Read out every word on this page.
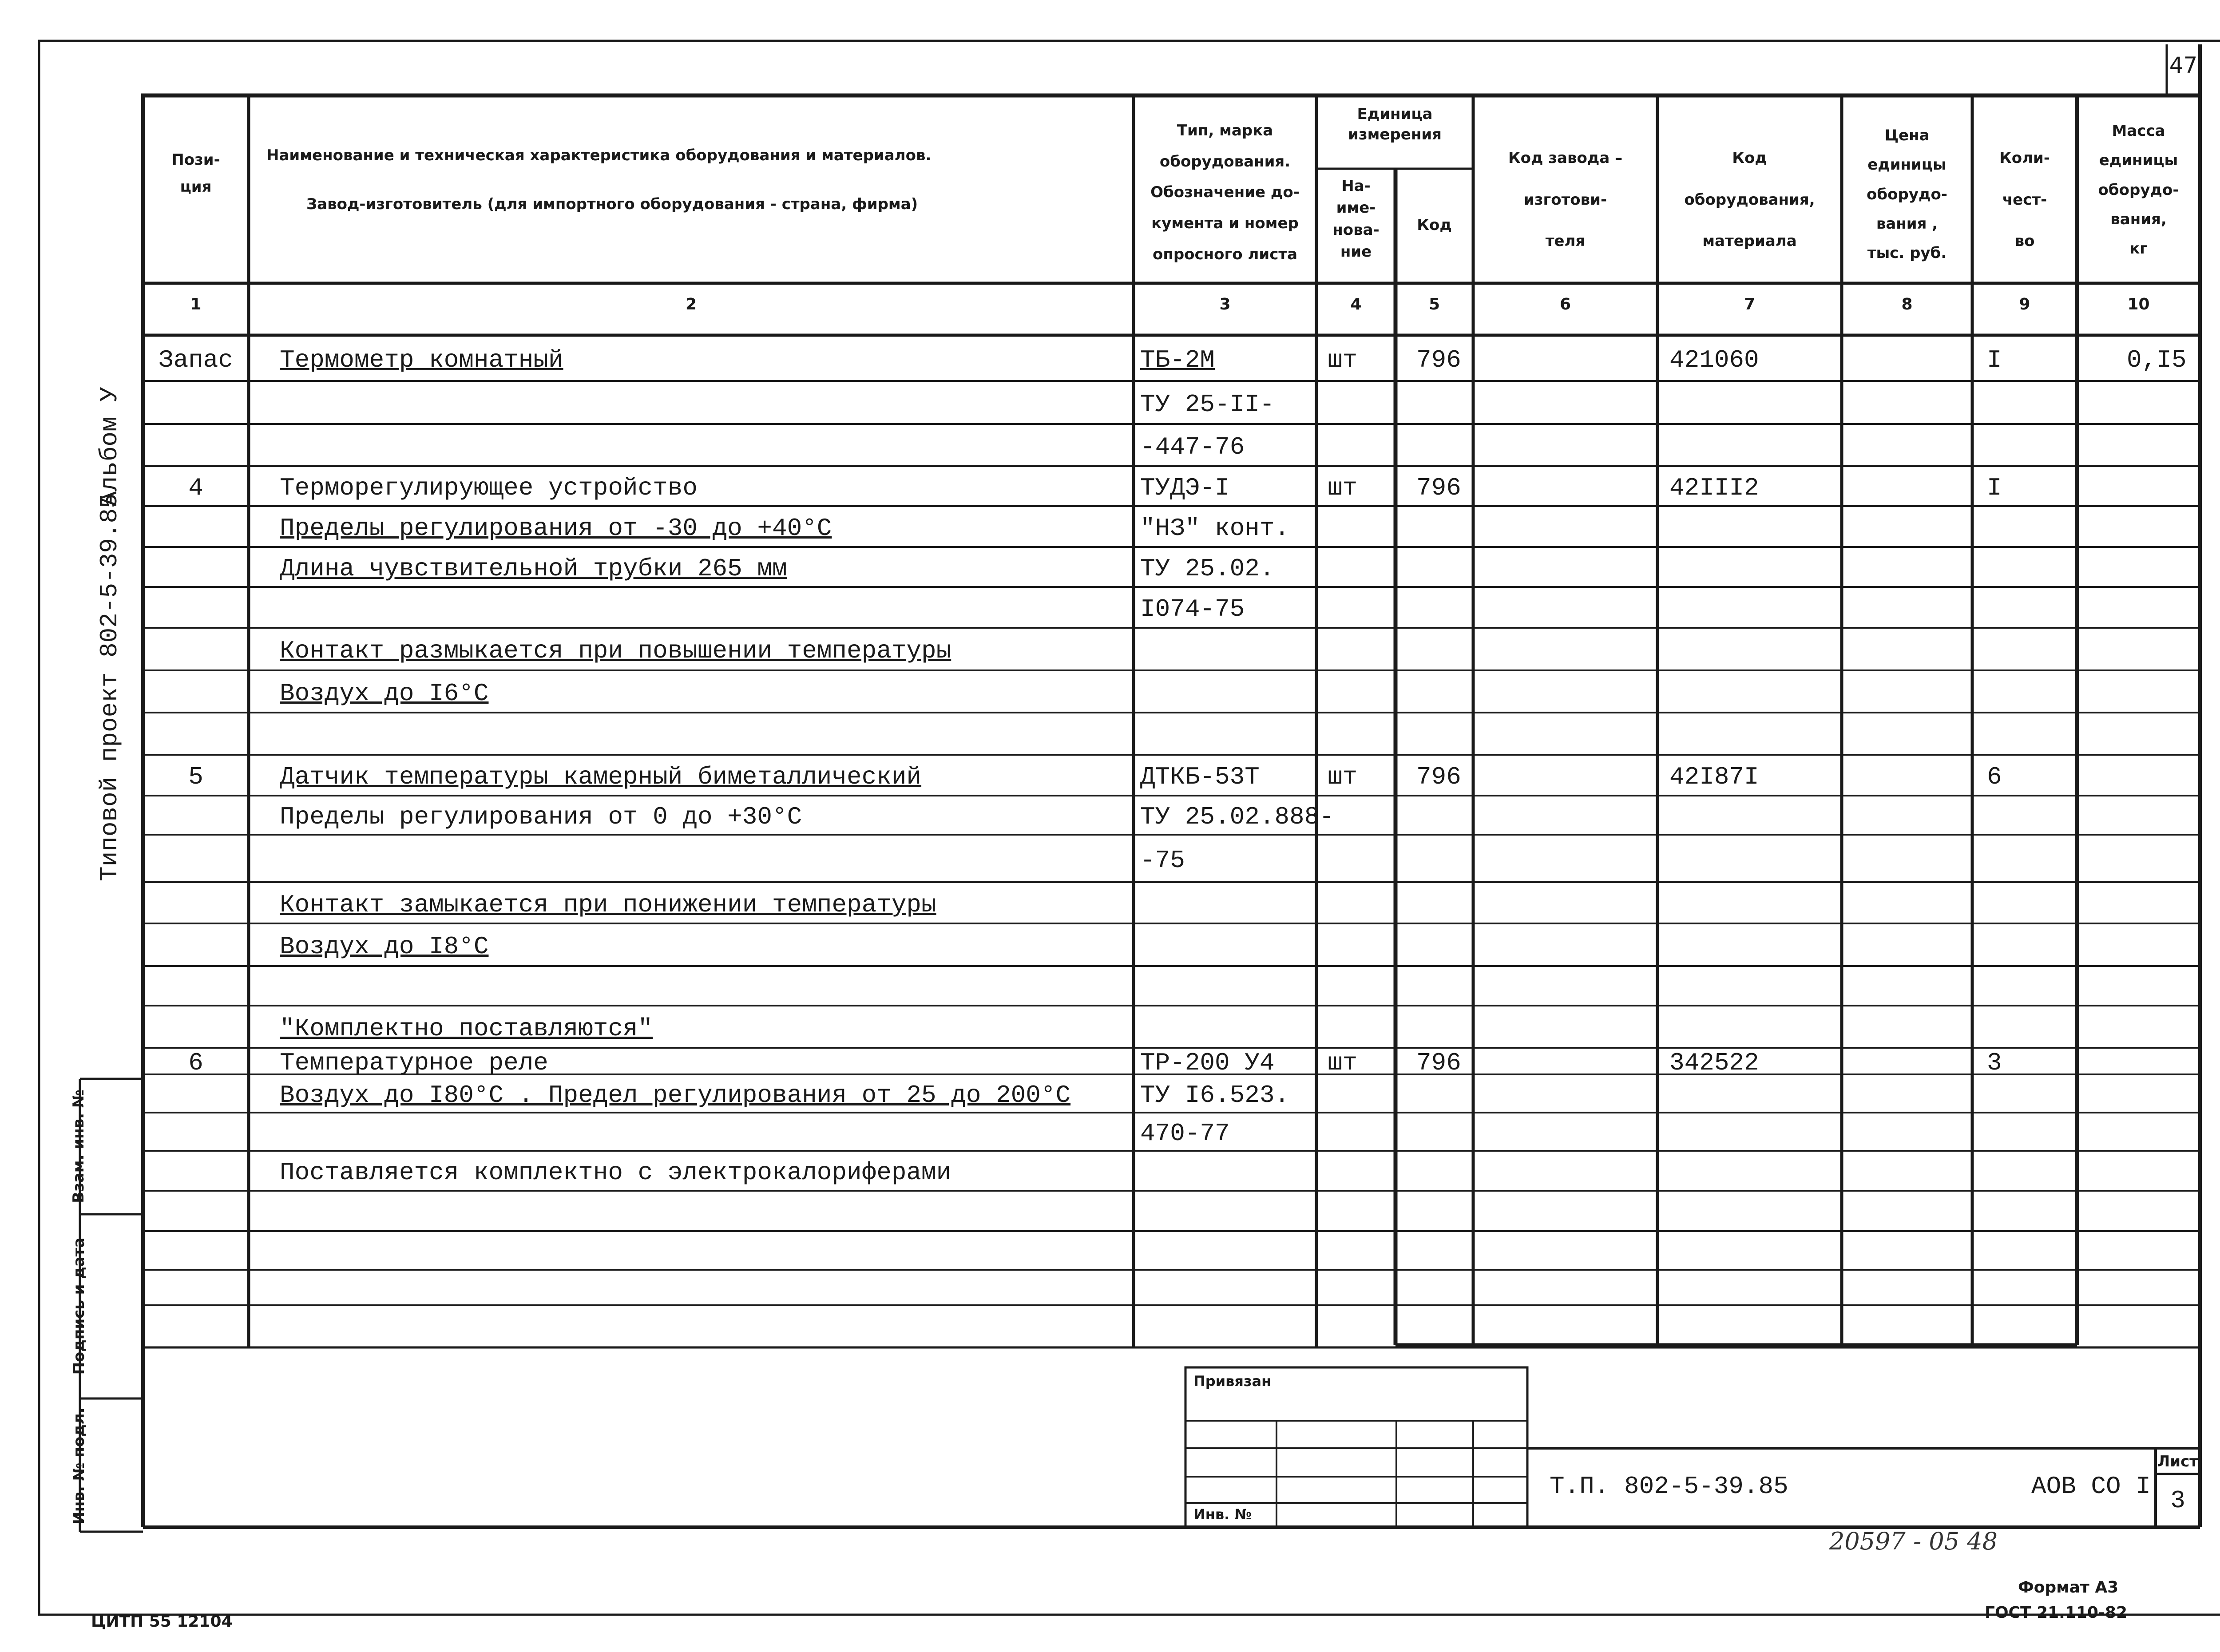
47
Пози-
ция
Наименование и техническая характеристика оборудования и материалов.
Завод-изготовитель (для импортного оборудования - страна, фирма)
Тип, марка
оборудования.
Обозначение до-
кумента и номер
опросного листа
Единица
измерения
На-
име-
нова-
ние
Код
Код завода –
изготови-
теля
Код
оборудования,
материала
Цена
единицы
оборудо-
вания ,
тыс. руб.
Коли-
чест-
во
Масса
единицы
оборудо-
вания,
кг
1	2	3	4	5	6	7	8	9	10
Запас	Термометр комнатный	ТБ-2М	шт	796	421060	I	0,I5
ТУ 25-II-
-447-76
4	Терморегулирующее устройство	ТУДЭ-I	шт	796	42III2	I
Пределы регулирования от -30 до +40°С	"НЗ" конт.
Длина чувствительной трубки 265 мм	ТУ 25.02.
I074-75
Контакт размыкается при повышении температуры
Воздух до I6°С
5	Датчик температуры камерный биметаллический	ДТКБ-53Т	шт	796	42I87I	6
Пределы регулирования от 0 до +30°С	ТУ 25.02.888-
-75
Контакт замыкается при понижении температуры
Воздух до I8°С
"Комплектно поставляются"
6	Температурное реле	ТР-200 У4	шт	796	342522	3
Воздух до I80°С . Предел регулирования от 25 до 200°С	ТУ I6.523.
470-77
Поставляется комплектно с электрокалориферами
Альбом У
Типовой проект 802-5-39.85
Взам. инв. №
Подпись и дата
Инв. № подл.
Привязан
Инв. №
Т.П. 802-5-39.85	АОВ СО I
Лист
3
20597 - 05 48
Формат А3
ГОСТ 21.110-82
ЦИТП 55 12104
